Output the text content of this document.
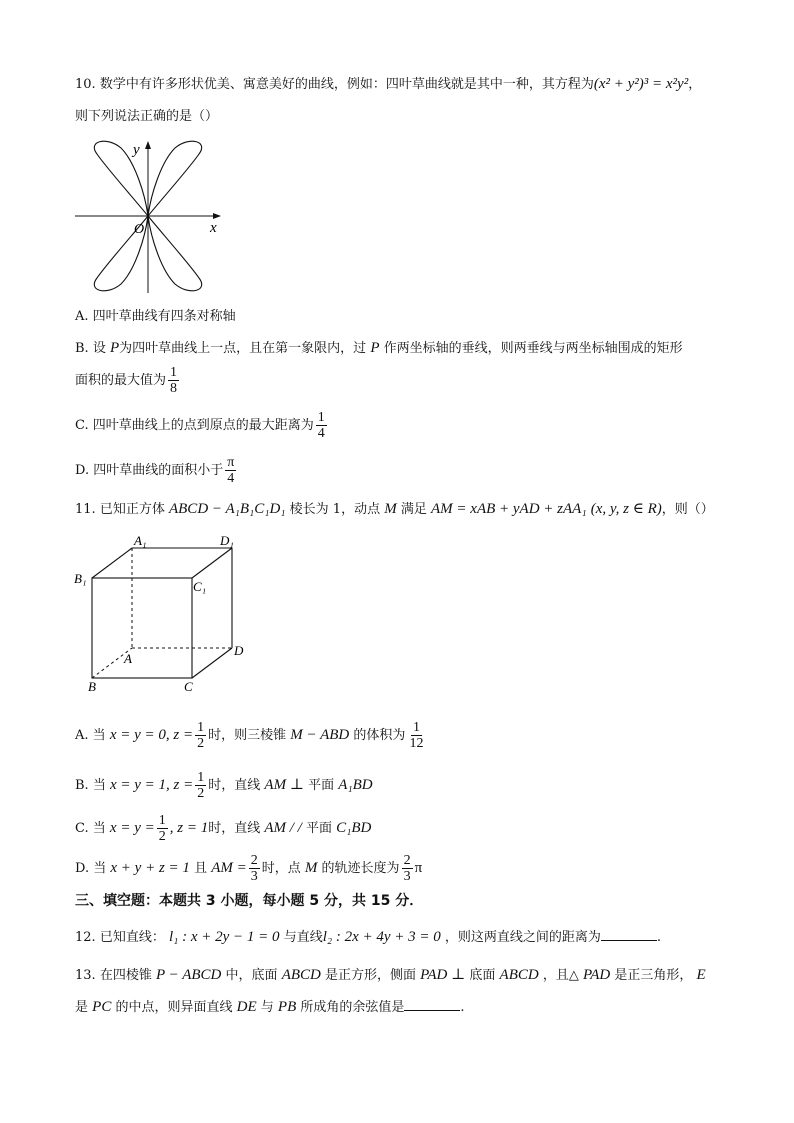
10. 数学中有许多形状优美、寓意美好的曲线，例如：四叶草曲线就是其中一种，其方程为(x² + y²)³ = x²y²，
则下列说法正确的是（）
x
y
O
A. 四叶草曲线有四条对称轴
B. 设 P为四叶草曲线上一点，且在第一象限内，过 P 作两坐标轴的垂线，则两垂线与两坐标轴围成的矩形
面积的最大值为 $\frac{1}{8}$
C. 四叶草曲线上的点到原点的最大距离为 $\frac{1}{4}$
D. 四叶草曲线的面积小于 $\frac{\pi}{4}$
11. 已知正方体 ABCD − A₁B₁C₁D₁ 棱长为 1，动点 M 满足 AM = xAB + yAD + zAA₁ (x, y, z ∈ R)，则（）
A₁	D₁
B₁
C₁
A
D
B	C
A. 当 x = y = 0, $z = \frac{1}{2}$ 时，则三棱锥 M − ABD 的体积为 $\frac{1}{12}$
B. 当 x = y = 1, $z = \frac{1}{2}$ 时，直线 AM ⊥ 平面 A₁BD
C. 当 $x = y = \frac{1}{2}$ , z = 1时，直线 AM / / 平面 C₁BD
D. 当 x + y + z = 1 且 AM = $\frac{2}{3}$ 时，点 M 的轨迹长度为 $\frac{2}{3}$ π
三、填空题：本题共 3 小题，每小题 5 分，共 15 分．
12. 已知直线： l₁ : x + 2y − 1 = 0 与直线l₂ : 2x + 4y + 3 = 0 ，则这两直线之间的距离为	.
13. 在四棱锥 P − ABCD 中，底面 ABCD 是正方形，侧面 PAD ⊥ 底面 ABCD ，且△ PAD 是正三角形， E
是 PC 的中点，则异面直线 DE 与 PB 所成角的余弦值是	.
